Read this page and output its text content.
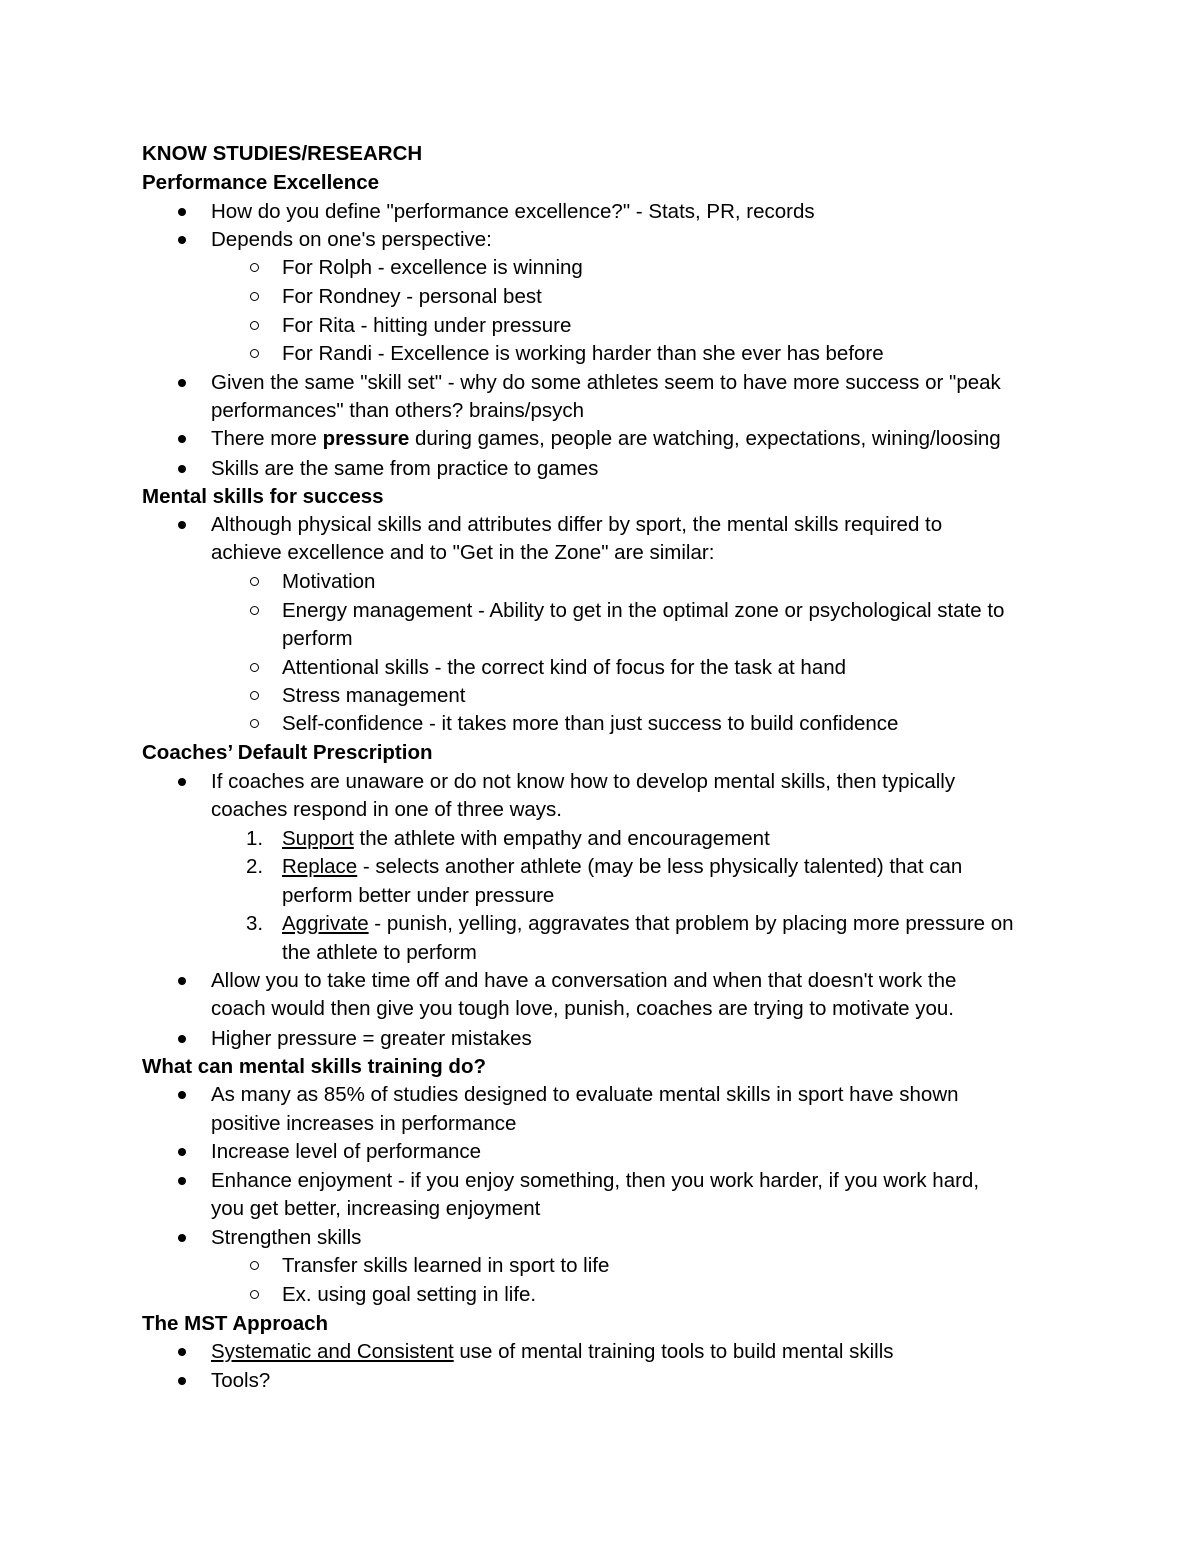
KNOW STUDIES/RESEARCH
Performance Excellence
How do you define "performance excellence?" - Stats, PR, records
Depends on one's perspective:
For Rolph - excellence is winning
For Rondney - personal best
For Rita - hitting under pressure
For Randi - Excellence is working harder than she ever has before
Given the same "skill set" - why do some athletes seem to have more success or "peak
performances" than others? brains/psych
There more pressure during games, people are watching, expectations, wining/loosing
Skills are the same from practice to games
Mental skills for success
Although physical skills and attributes differ by sport, the mental skills required to
achieve excellence and to "Get in the Zone" are similar:
Motivation
Energy management - Ability to get in the optimal zone or psychological state to
perform
Attentional skills - the correct kind of focus for the task at hand
Stress management
Self-confidence - it takes more than just success to build confidence
Coaches’ Default Prescription
If coaches are unaware or do not know how to develop mental skills, then typically
coaches respond in one of three ways.
1. Support the athlete with empathy and encouragement
2. Replace - selects another athlete (may be less physically talented) that can
perform better under pressure
3. Aggrivate - punish, yelling, aggravates that problem by placing more pressure on
the athlete to perform
Allow you to take time off and have a conversation and when that doesn't work the
coach would then give you tough love, punish, coaches are trying to motivate you.
Higher pressure = greater mistakes
What can mental skills training do?
As many as 85% of studies designed to evaluate mental skills in sport have shown
positive increases in performance
Increase level of performance
Enhance enjoyment - if you enjoy something, then you work harder, if you work hard,
you get better, increasing enjoyment
Strengthen skills
Transfer skills learned in sport to life
Ex. using goal setting in life.
The MST Approach
Systematic and Consistent use of mental training tools to build mental skills
Tools?
